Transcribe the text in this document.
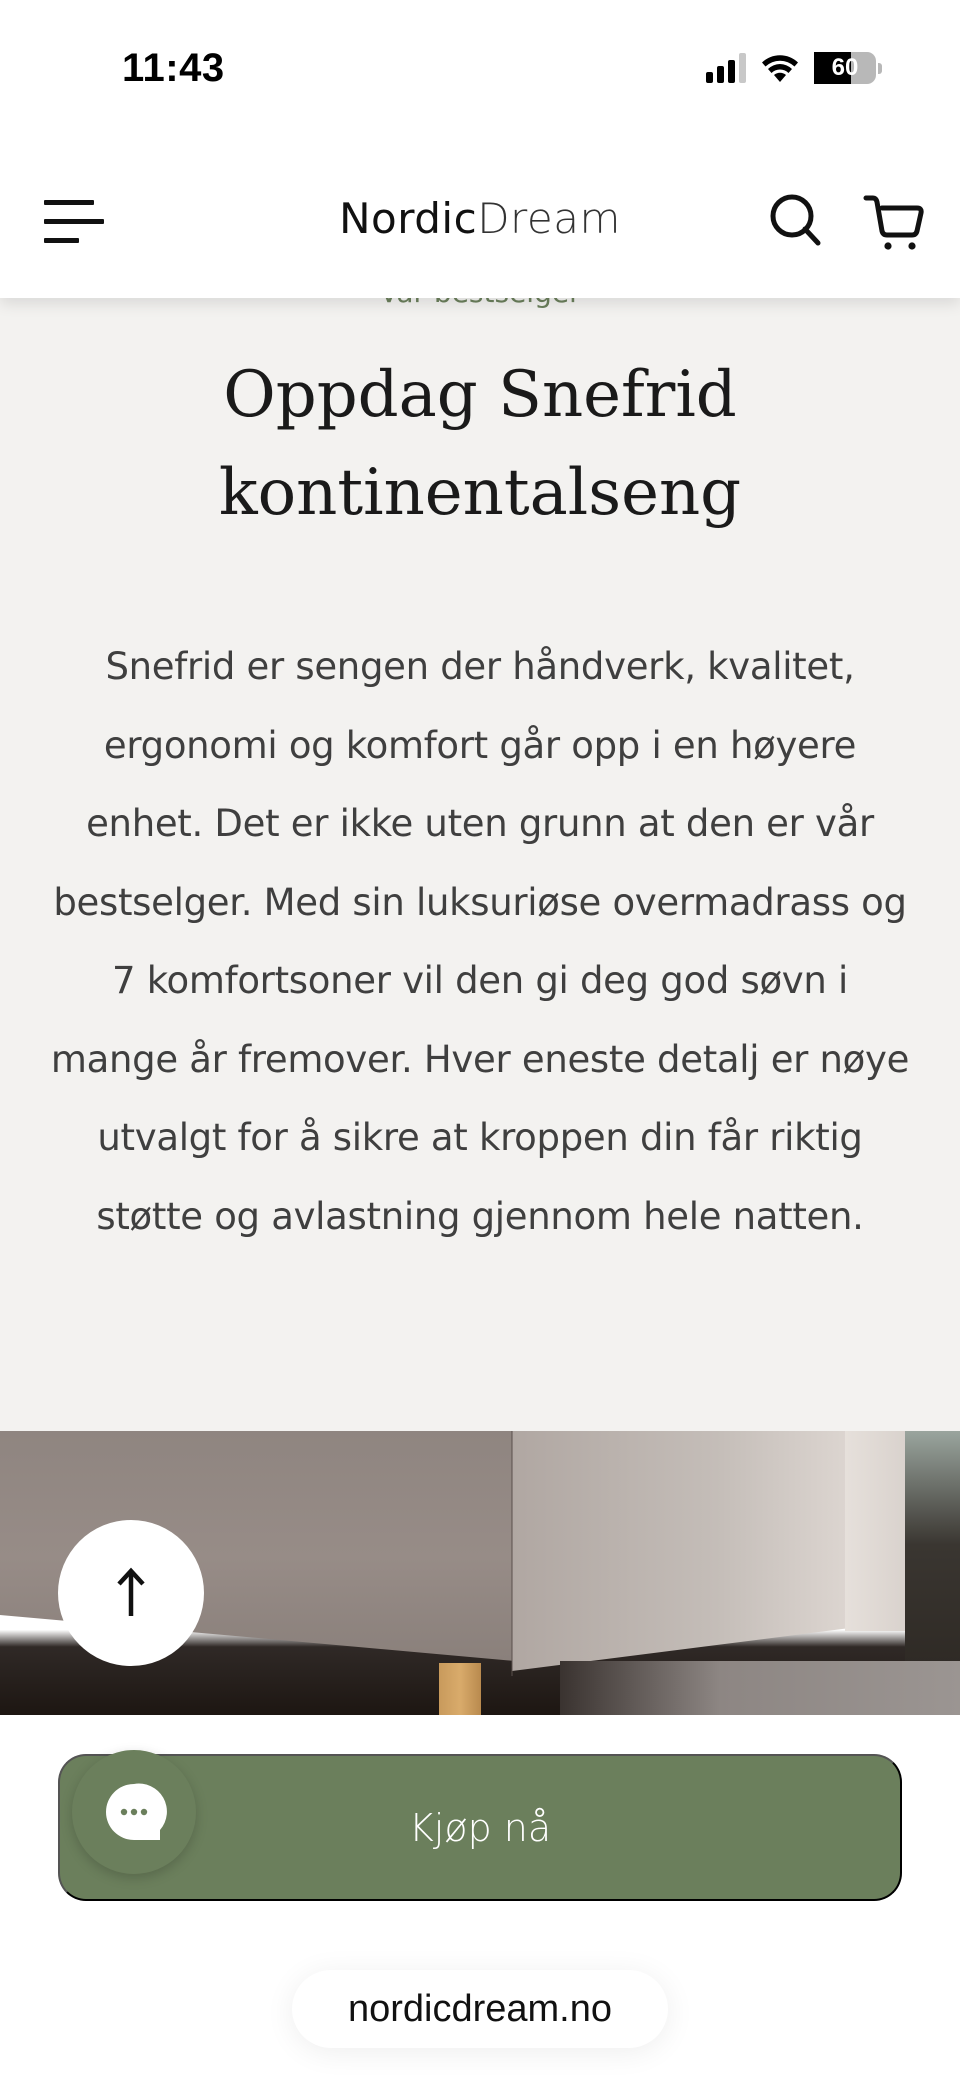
11:43	60
NordicDream
Oppdag Snefrid
kontinentalseng

Snefrid er sengen der håndverk, kvalitet, ergonomi og komfort går opp i en høyere enhet. Det er ikke uten grunn at den er vår bestselger. Med sin luksuriøse overmadrass og 7 komfortsoner vil den gi deg god søvn i mange år fremover. Hver eneste detalj er nøye utvalgt for å sikre at kroppen din får riktig støtte og avlastning gjennom hele natten.

Kjøp nå
nordicdream.no
